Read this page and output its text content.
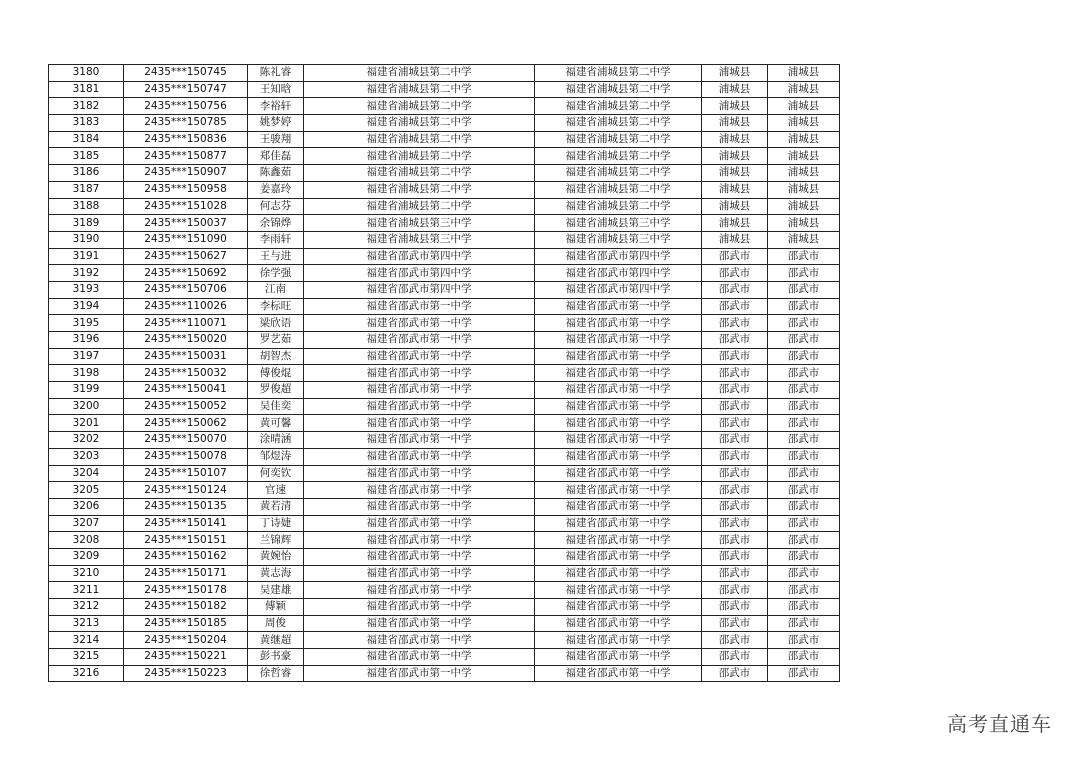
3180	2435***150745	陈礼睿	福建省浦城县第二中学	福建省浦城县第二中学	浦城县	浦城县
3181	2435***150747	王知晗	福建省浦城县第二中学	福建省浦城县第二中学	浦城县	浦城县
3182	2435***150756	李裕轩	福建省浦城县第二中学	福建省浦城县第二中学	浦城县	浦城县
3183	2435***150785	姚梦婷	福建省浦城县第二中学	福建省浦城县第二中学	浦城县	浦城县
3184	2435***150836	王骏翔	福建省浦城县第二中学	福建省浦城县第二中学	浦城县	浦城县
3185	2435***150877	郑佳磊	福建省浦城县第二中学	福建省浦城县第二中学	浦城县	浦城县
3186	2435***150907	陈鑫茹	福建省浦城县第二中学	福建省浦城县第二中学	浦城县	浦城县
3187	2435***150958	姜嘉玲	福建省浦城县第二中学	福建省浦城县第二中学	浦城县	浦城县
3188	2435***151028	何志芬	福建省浦城县第二中学	福建省浦城县第二中学	浦城县	浦城县
3189	2435***150037	余锦烨	福建省浦城县第三中学	福建省浦城县第三中学	浦城县	浦城县
3190	2435***151090	李雨轩	福建省浦城县第三中学	福建省浦城县第三中学	浦城县	浦城县
3191	2435***150627	王与进	福建省邵武市第四中学	福建省邵武市第四中学	邵武市	邵武市
3192	2435***150692	徐学强	福建省邵武市第四中学	福建省邵武市第四中学	邵武市	邵武市
3193	2435***150706	江南	福建省邵武市第四中学	福建省邵武市第四中学	邵武市	邵武市
3194	2435***110026	李标旺	福建省邵武市第一中学	福建省邵武市第一中学	邵武市	邵武市
3195	2435***110071	梁欣语	福建省邵武市第一中学	福建省邵武市第一中学	邵武市	邵武市
3196	2435***150020	罗艺茹	福建省邵武市第一中学	福建省邵武市第一中学	邵武市	邵武市
3197	2435***150031	胡智杰	福建省邵武市第一中学	福建省邵武市第一中学	邵武市	邵武市
3198	2435***150032	傅俊焜	福建省邵武市第一中学	福建省邵武市第一中学	邵武市	邵武市
3199	2435***150041	罗俊超	福建省邵武市第一中学	福建省邵武市第一中学	邵武市	邵武市
3200	2435***150052	吴佳奕	福建省邵武市第一中学	福建省邵武市第一中学	邵武市	邵武市
3201	2435***150062	黄可馨	福建省邵武市第一中学	福建省邵武市第一中学	邵武市	邵武市
3202	2435***150070	涂晴涵	福建省邵武市第一中学	福建省邵武市第一中学	邵武市	邵武市
3203	2435***150078	邹煜涛	福建省邵武市第一中学	福建省邵武市第一中学	邵武市	邵武市
3204	2435***150107	何奕钦	福建省邵武市第一中学	福建省邵武市第一中学	邵武市	邵武市
3205	2435***150124	官速	福建省邵武市第一中学	福建省邵武市第一中学	邵武市	邵武市
3206	2435***150135	黄若清	福建省邵武市第一中学	福建省邵武市第一中学	邵武市	邵武市
3207	2435***150141	丁诗婕	福建省邵武市第一中学	福建省邵武市第一中学	邵武市	邵武市
3208	2435***150151	兰锦辉	福建省邵武市第一中学	福建省邵武市第一中学	邵武市	邵武市
3209	2435***150162	黄婉怡	福建省邵武市第一中学	福建省邵武市第一中学	邵武市	邵武市
3210	2435***150171	黄志海	福建省邵武市第一中学	福建省邵武市第一中学	邵武市	邵武市
3211	2435***150178	吴建雄	福建省邵武市第一中学	福建省邵武市第一中学	邵武市	邵武市
3212	2435***150182	傅颖	福建省邵武市第一中学	福建省邵武市第一中学	邵武市	邵武市
3213	2435***150185	周俊	福建省邵武市第一中学	福建省邵武市第一中学	邵武市	邵武市
3214	2435***150204	黄继超	福建省邵武市第一中学	福建省邵武市第一中学	邵武市	邵武市
3215	2435***150221	彭书豪	福建省邵武市第一中学	福建省邵武市第一中学	邵武市	邵武市
3216	2435***150223	徐哲睿	福建省邵武市第一中学	福建省邵武市第一中学	邵武市	邵武市
高考直通车
